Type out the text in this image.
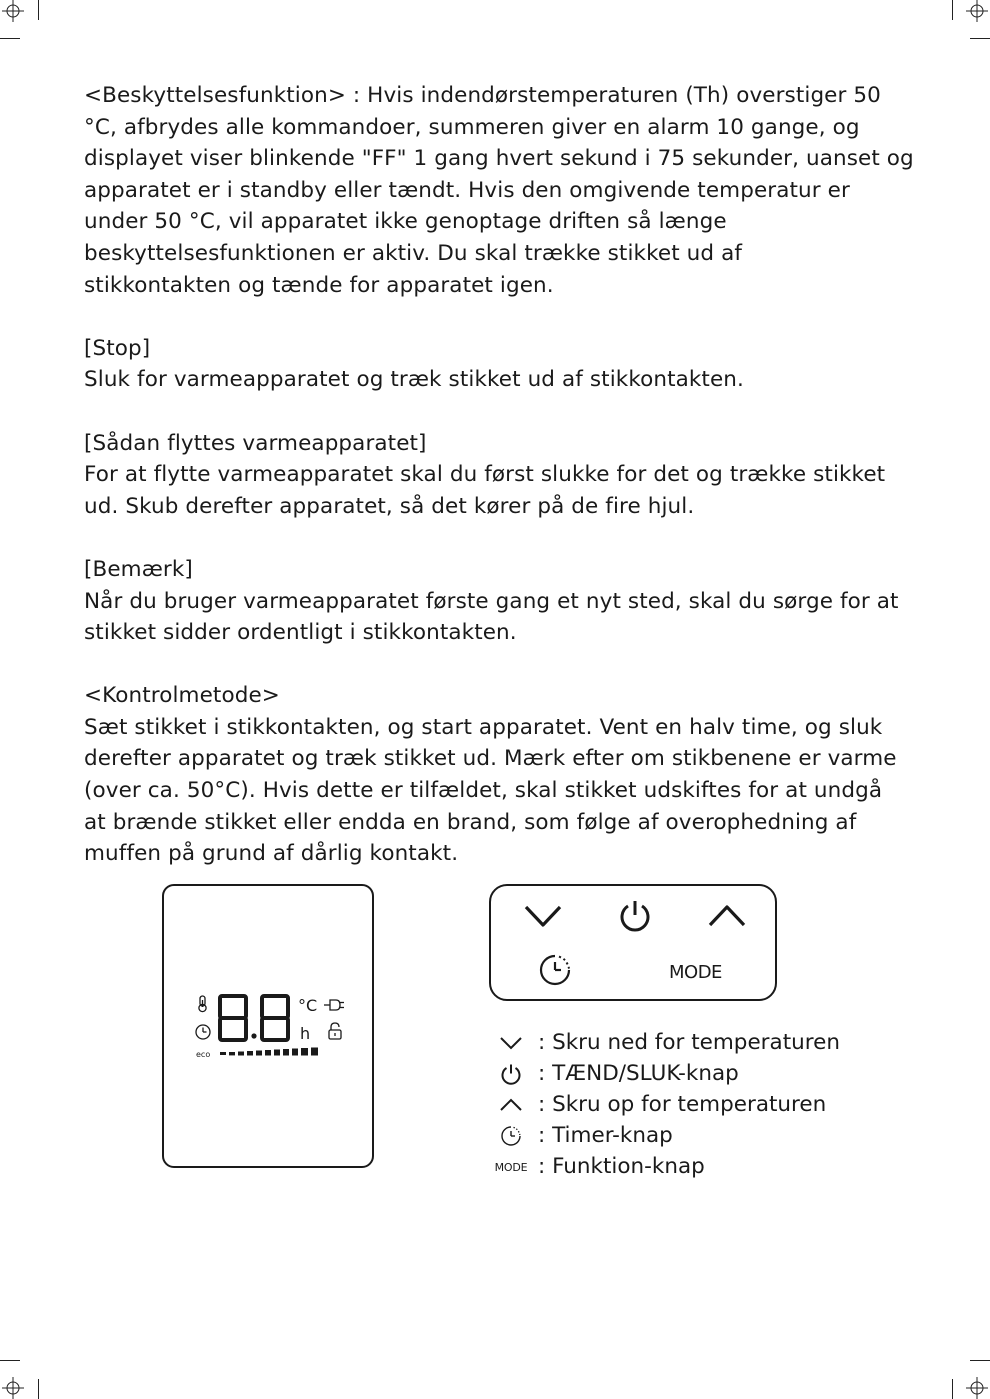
<Beskyttelsesfunktion> : Hvis indendørstemperaturen (Th) overstiger 50

°C, afbrydes alle kommandoer, summeren giver en alarm 10 gange, og

displayet viser blinkende "FF" 1 gang hvert sekund i 75 sekunder, uanset og

apparatet er i standby eller tændt. Hvis den omgivende temperatur er

under 50 °C, vil apparatet ikke genoptage driften så længe

beskyttelsesfunktionen er aktiv. Du skal trække stikket ud af

stikkontakten og tænde for apparatet igen.

[Stop]

Sluk for varmeapparatet og træk stikket ud af stikkontakten.

[Sådan flyttes varmeapparatet]

For at flytte varmeapparatet skal du først slukke for det og trække stikket

ud. Skub derefter apparatet, så det kører på de fire hjul.

[Bemærk]

Når du bruger varmeapparatet første gang et nyt sted, skal du sørge for at

stikket sidder ordentligt i stikkontakten.

<Kontrolmetode>

Sæt stikket i stikkontakten, og start apparatet. Vent en halv time, og sluk

derefter apparatet og træk stikket ud. Mærk efter om stikbenene er varme

(over ca. 50°C). Hvis dette er tilfældet, skal stikket udskiftes for at undgå

at brænde stikket eller endda en brand, som følge af overophedning af

muffen på grund af dårlig kontakt.

°C
h
eco
MODE
: Skru ned for temperaturen
: TÆND/SLUK-knap
: Skru op for temperaturen
: Timer-knap
MODE : Funktion-knap
